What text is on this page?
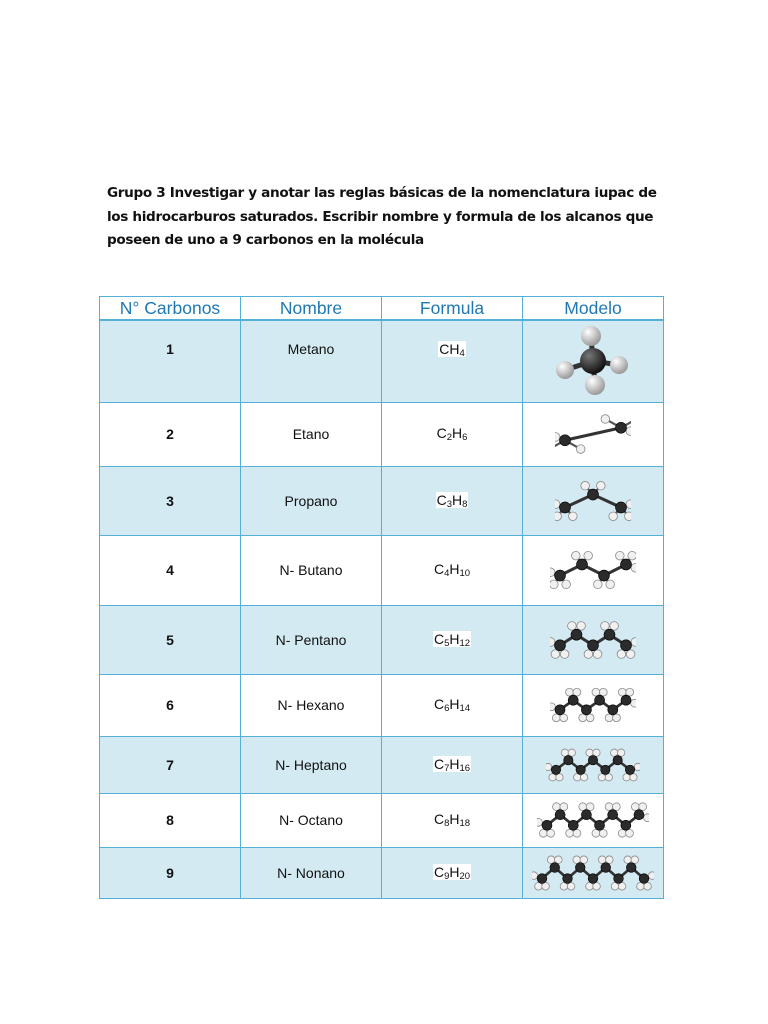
Grupo 3 Investigar y anotar las reglas básicas de la nomenclatura iupac de
los hidrocarburos saturados. Escribir nombre y formula de los alcanos que
poseen de uno a 9 carbonos en la molécula
N° Carbonos	Nombre	Formula	Modelo
1	Metano	$CH_4$	

2	Etano	$C_2H_6$	

3	Propano	$C_3H_8$	

4	N- Butano	$C_4H_{10}$	

5	N- Pentano	$C_5H_{12}$	

6	N- Hexano	$C_6H_{14}$	

7	N- Heptano	$C_7H_{16}$	

8	N- Octano	$C_8H_{18}$	

9	N- Nonano	$C_9H_{20}$	
